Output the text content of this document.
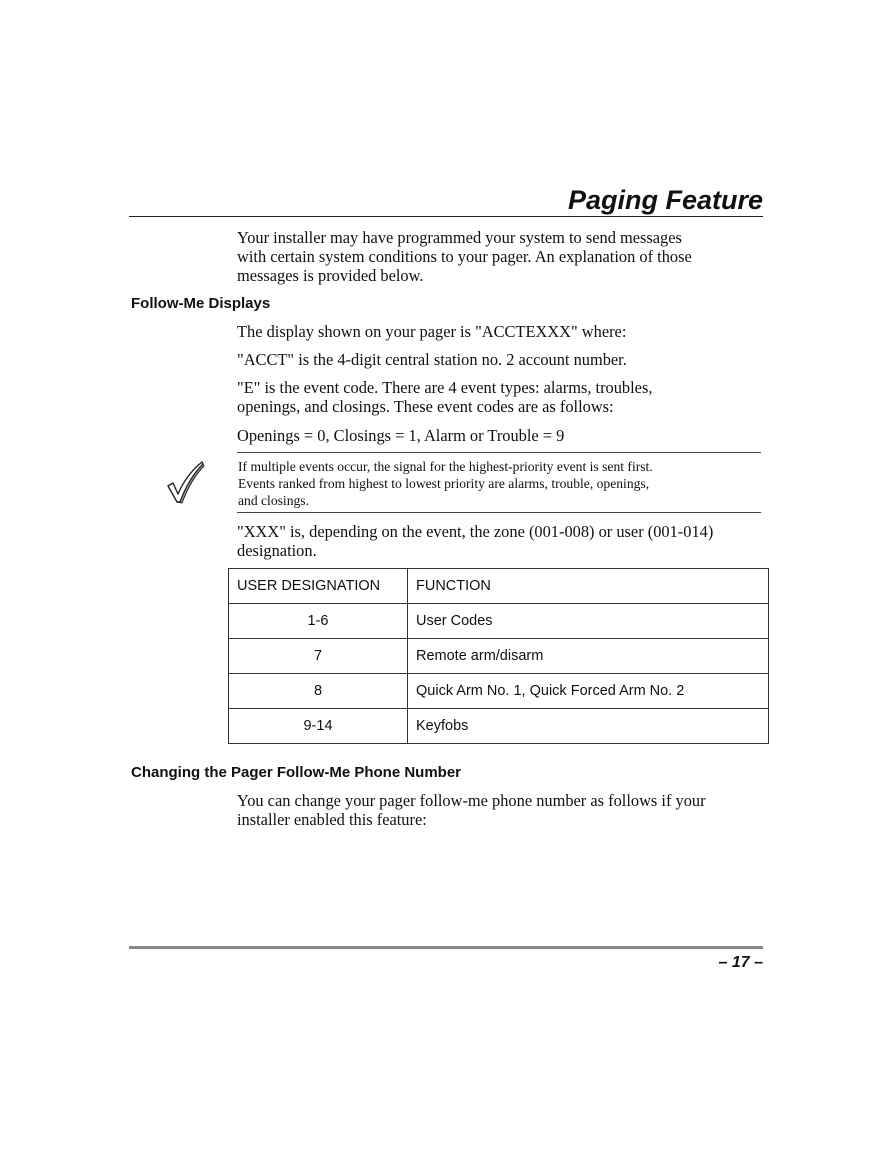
Paging Feature

Your installer may have programmed your system to send messages
with certain system conditions to your pager. An explanation of those
messages is provided below.

Follow-Me Displays

The display shown on your pager is "ACCTEXXX" where:

"ACCT" is the 4-digit central station no. 2 account number.

"E" is the event code. There are 4 event types: alarms, troubles,
openings, and closings. These event codes are as follows:

Openings = 0, Closings = 1, Alarm or Trouble = 9

If multiple events occur, the signal for the highest-priority event is sent first.
Events ranked from highest to lowest priority are alarms, trouble, openings,
and closings.

"XXX" is, depending on the event, the zone (001-008) or user (001-014)
designation.

USER DESIGNATION	FUNCTION
1-6	User Codes
7	Remote arm/disarm
8	Quick Arm No. 1, Quick Forced Arm No. 2
9-14	Keyfobs
Changing the Pager Follow-Me Phone Number

You can change your pager follow-me phone number as follows if your
installer enabled this feature:

– 17 –
